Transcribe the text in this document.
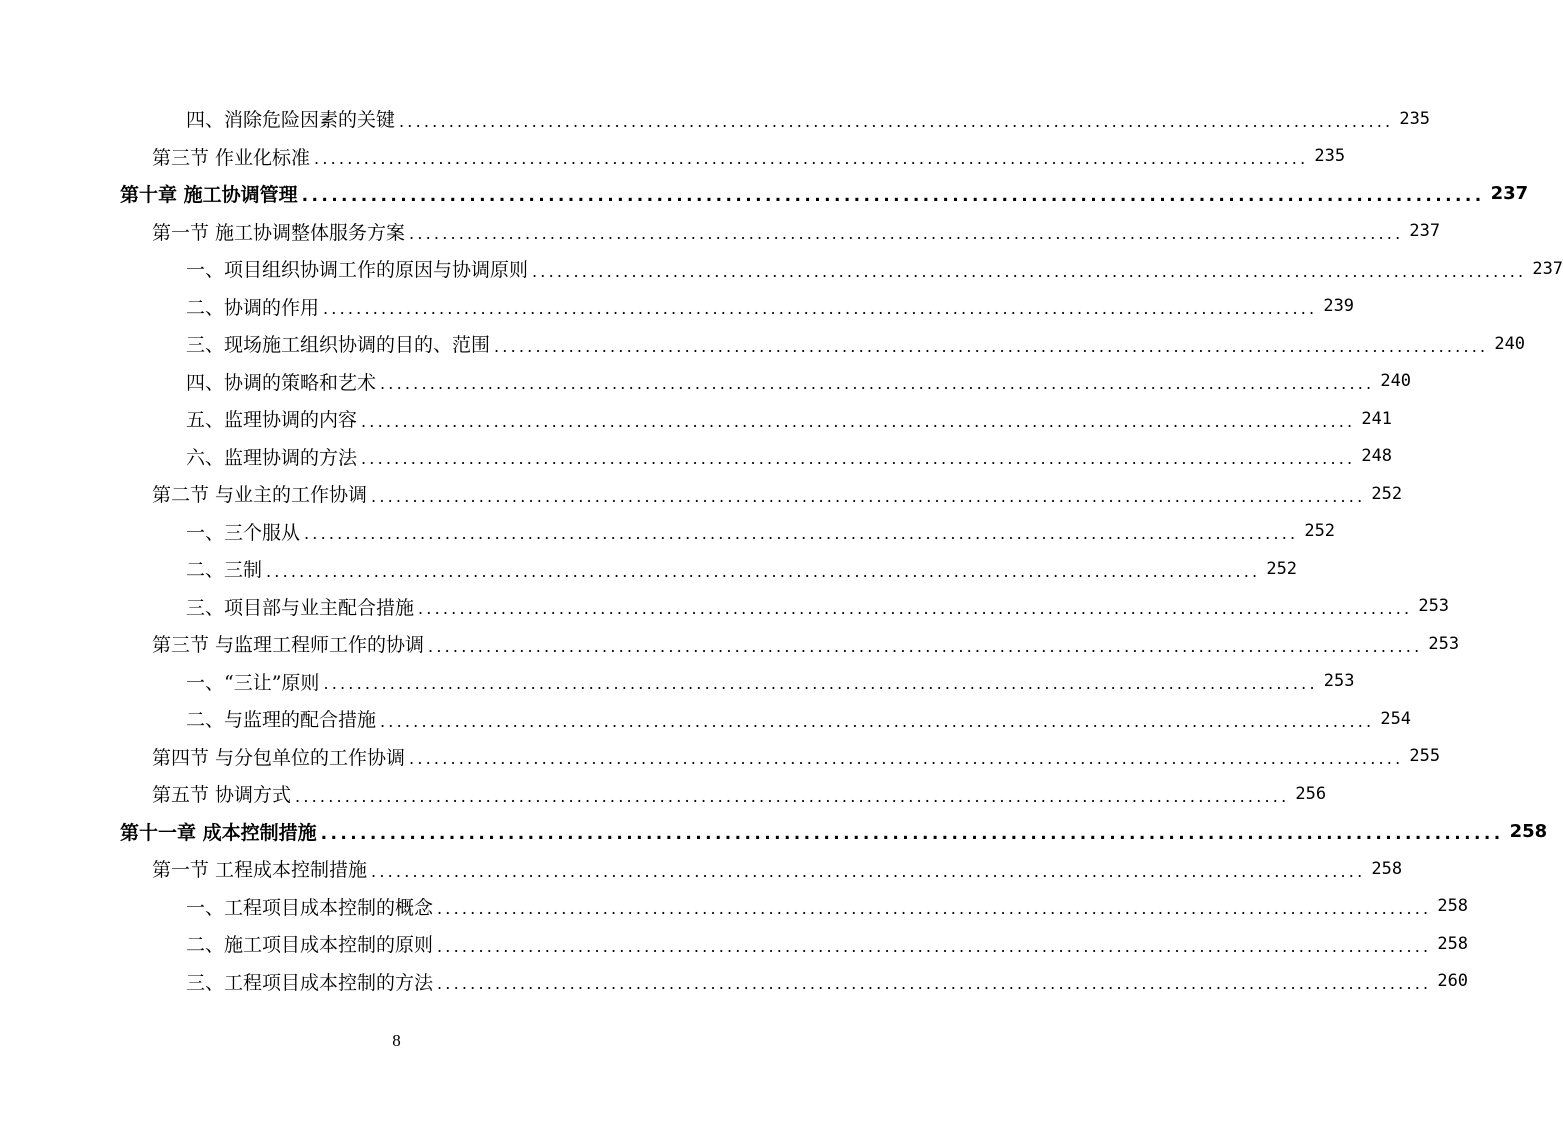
四、消除危险因素的关键 ........................................................................................................................ 235
第三节 作业化标准 ........................................................................................................................ 235
第十章 施工协调管理 ........................................................................................................................ 237
第一节 施工协调整体服务方案 ........................................................................................................................ 237
一、项目组织协调工作的原因与协调原则 ........................................................................................................................ 237
二、协调的作用 ........................................................................................................................ 239
三、现场施工组织协调的目的、范围 ........................................................................................................................ 240
四、协调的策略和艺术 ........................................................................................................................ 240
五、监理协调的内容 ........................................................................................................................ 241
六、监理协调的方法 ........................................................................................................................ 248
第二节 与业主的工作协调 ........................................................................................................................ 252
一、三个服从 ........................................................................................................................ 252
二、三制 ........................................................................................................................ 252
三、项目部与业主配合措施 ........................................................................................................................ 253
第三节 与监理工程师工作的协调 ........................................................................................................................ 253
一、“三让”原则 ........................................................................................................................ 253
二、与监理的配合措施 ........................................................................................................................ 254
第四节 与分包单位的工作协调 ........................................................................................................................ 255
第五节 协调方式 ........................................................................................................................ 256
第十一章 成本控制措施 ........................................................................................................................ 258
第一节 工程成本控制措施 ........................................................................................................................ 258
一、工程项目成本控制的概念 ........................................................................................................................ 258
二、施工项目成本控制的原则 ........................................................................................................................ 258
三、工程项目成本控制的方法 ........................................................................................................................ 260
8
